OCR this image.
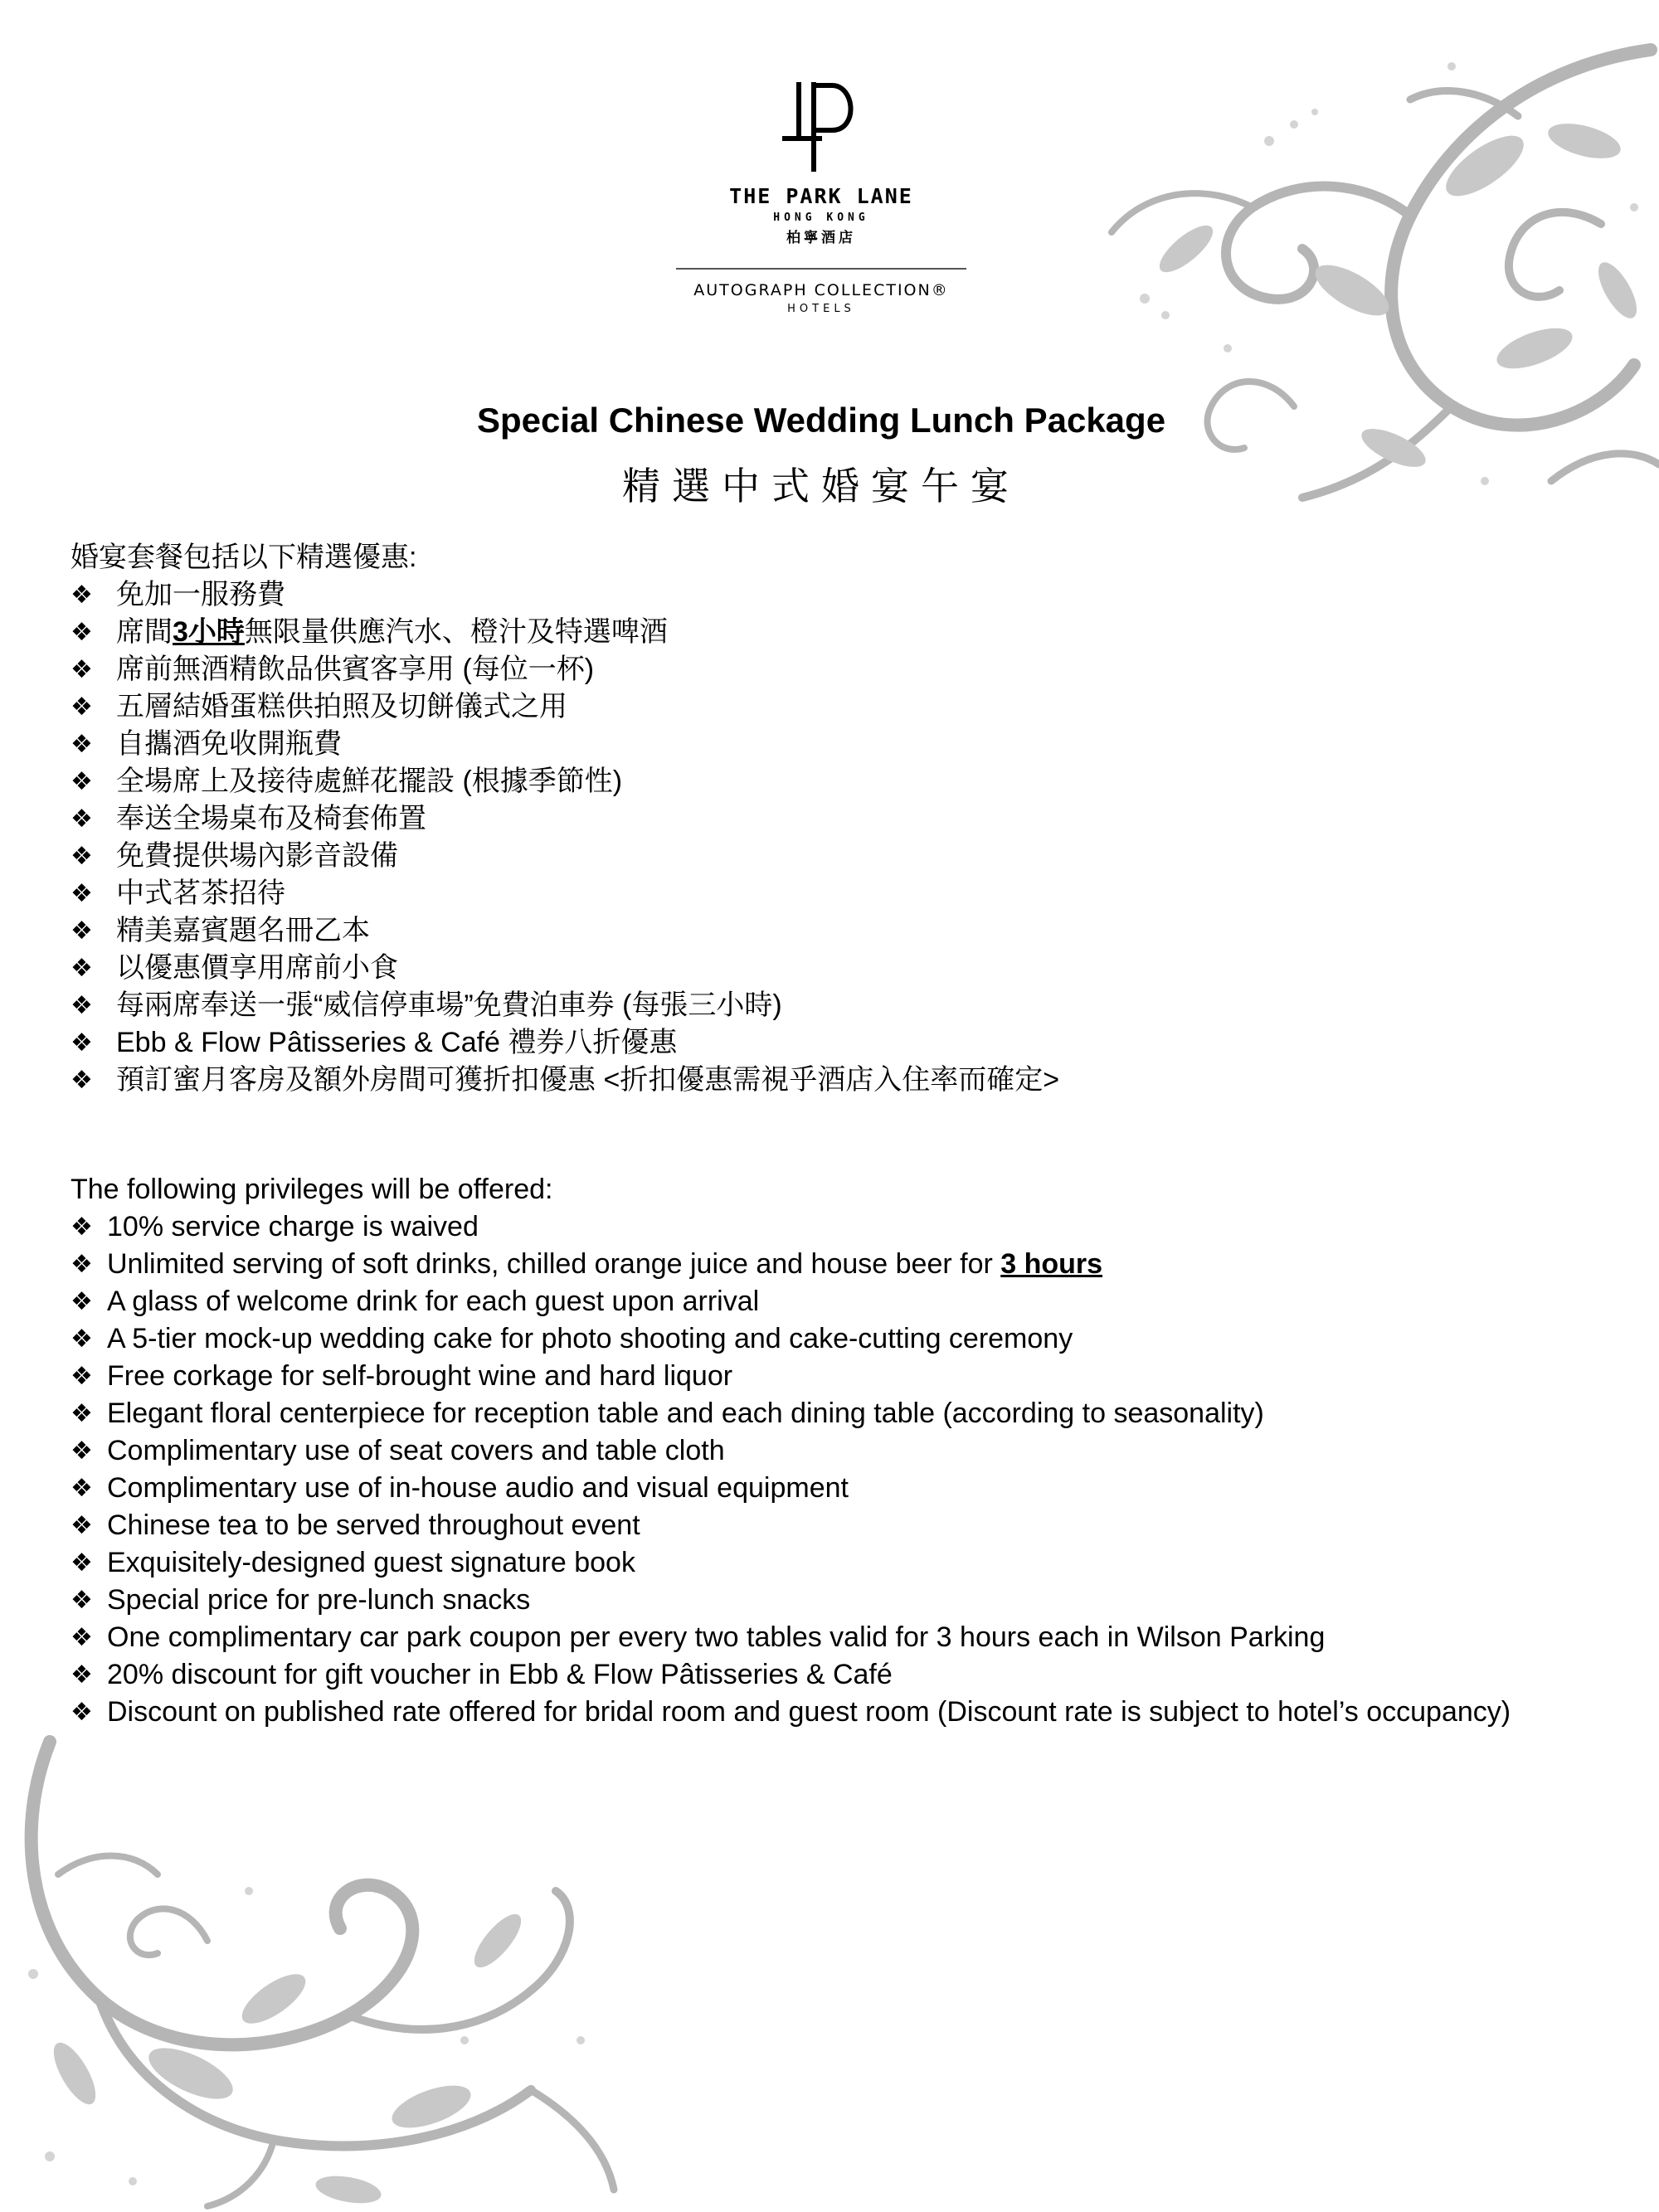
THE PARK LANE
HONG KONG
柏寧酒店
AUTOGRAPH COLLECTION®
HOTELS
Special Chinese Wedding Lunch Package
精選中式婚宴午宴
婚宴套餐包括以下精選優惠:
❖ 免加一服務費
❖ 席間 3小時 無限量供應汽水、橙汁及特選啤酒
❖ 席前無酒精飲品供賓客享用 (每位一杯)
❖ 五層結婚蛋糕供拍照及切餅儀式之用
❖ 自攜酒免收開瓶費
❖ 全場席上及接待處鮮花擺設 (根據季節性)
❖ 奉送全場桌布及椅套佈置
❖ 免費提供場內影音設備
❖ 中式茗茶招待
❖ 精美嘉賓題名冊乙本
❖ 以優惠價享用席前小食
❖ 每兩席奉送一張“威信停車場”免費泊車券 (每張三小時)
❖ Ebb & Flow Pâtisseries & Café 禮券八折優惠
❖ 預訂蜜月客房及額外房間可獲折扣優惠 <折扣優惠需視乎酒店入住率而確定>
The following privileges will be offered:
❖ 10% service charge is waived
❖ Unlimited serving of soft drinks, chilled orange juice and house beer for 3 hours
❖ A glass of welcome drink for each guest upon arrival
❖ A 5-tier mock-up wedding cake for photo shooting and cake-cutting ceremony
❖ Free corkage for self-brought wine and hard liquor
❖ Elegant floral centerpiece for reception table and each dining table (according to seasonality)
❖ Complimentary use of seat covers and table cloth
❖ Complimentary use of in-house audio and visual equipment
❖ Chinese tea to be served throughout event
❖ Exquisitely-designed guest signature book
❖ Special price for pre-lunch snacks
❖ One complimentary car park coupon per every two tables valid for 3 hours each in Wilson Parking
❖ 20% discount for gift voucher in Ebb & Flow Pâtisseries & Café
❖ Discount on published rate offered for bridal room and guest room (Discount rate is subject to hotel’s occupancy)
